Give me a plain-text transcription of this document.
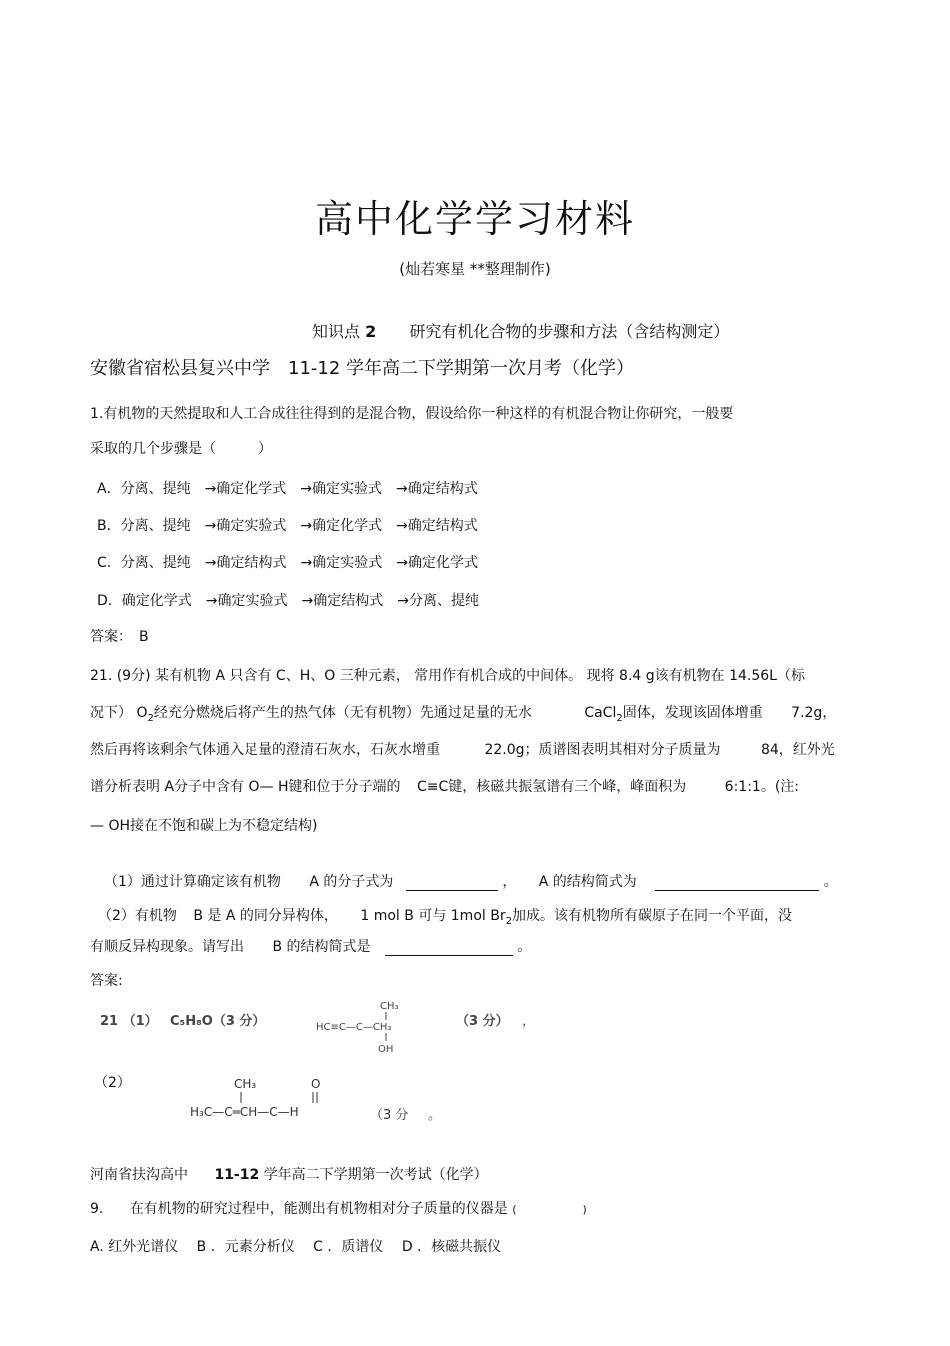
高中化学学习材料
(灿若寒星 **整理制作)
知识点 2 研究有机化合物的步骤和方法（含结构测定）
安徽省宿松县复兴中学　11-12 学年高二下学期第一次月考（化学）
1.有机物的天然提取和人工合成往往得到的是混合物，假设给你一种这样的有机混合物让你研究，一般要
采取的几个步骤是（　　　）
A．分离、提纯　→确定化学式　→确定实验式　→确定结构式
B．分离、提纯　→确定实验式　→确定化学式　→确定结构式
C．分离、提纯　→确定结构式　→确定实验式　→确定化学式
D．确定化学式　→确定实验式　→确定结构式　→分离、提纯
答案：　B
21. (9分) 某有机物 A 只含有 C、H、O 三种元素， 常用作有机合成的中间体。 现将 8.4 g该有机物在 14.56L（标
况下） $O_2$经充分燃烧后将产生的热气体（无有机物）先通过足量的无水	CaCl$_2$固体，发现该固体增重 7.2g，
然后再将该剩余气体通入足量的澄清石灰水，石灰水增重	22.0g；质谱图表明其相对分子质量为	84，红外光
谱分析表明 A分子中含有 O— H键和位于分子端的 C≡C键，核磁共振氢谱有三个峰，峰面积为	6:1:1。(注:
— OH接在不饱和碳上为不稳定结构)
（1）通过计算确定该有机物 A 的分子式为	， A 的结构简式为	。
（2）有机物 B 是 A 的同分异构体， 1 mol B 可与 1mol $Br_2$加成。该有机物所有碳原子在同一个平面，没
有顺反异构现象。请写出 B 的结构简式是	。
答案:
21 （1） C₅H₈O（3 分）
CH₃
HC≡C—C—CH₃
OH
（3 分） ，
（2）	CH₃	O
H₃C—C═CH—C—H	（3 分 。
河南省扶沟高中 11-12 学年高二下学期第一次考试（化学）
9. 在有机物的研究过程中，能测出有机物相对分子质量的仪器是 (　　　　　　)
A. 红外光谱仪　 B ．元素分析仪　 C ．质谱仪　 D ．核磁共振仪
